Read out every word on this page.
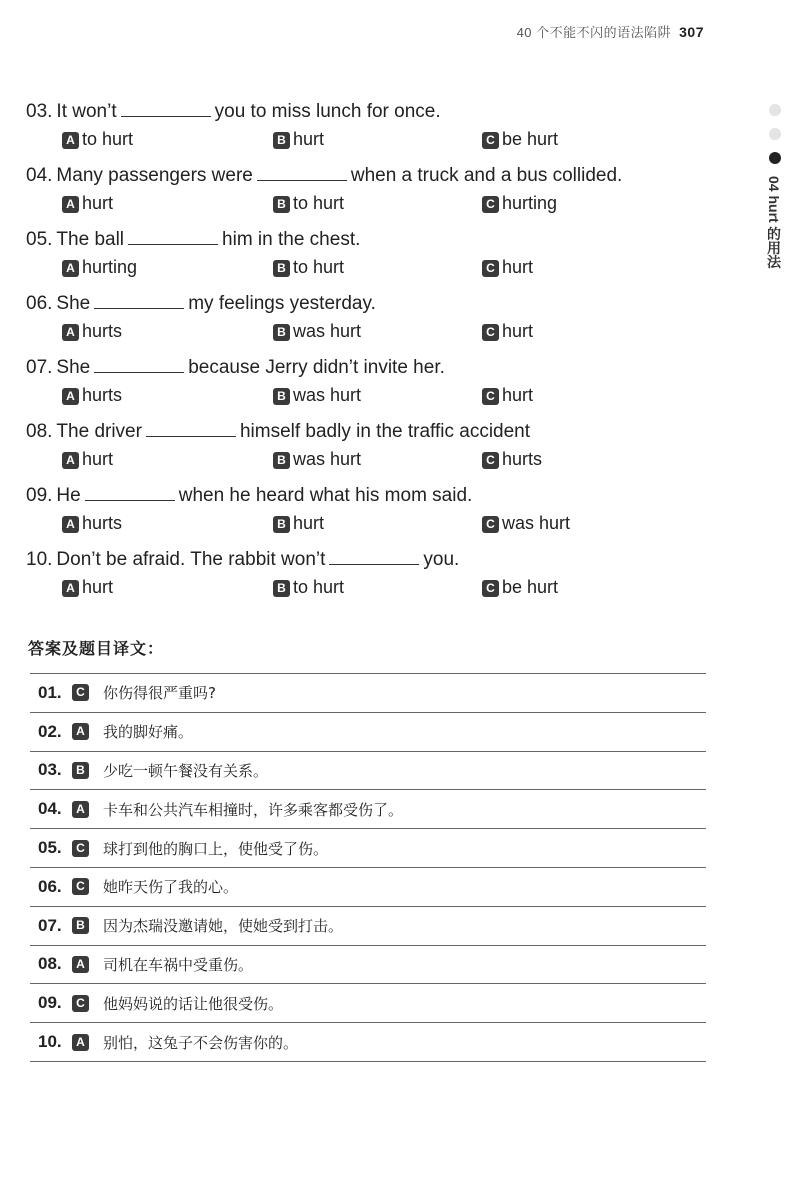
40 个不能不闪的语法陷阱 307
04 hurt 的用法
03. It won’t	you to miss lunch for once.
A to hurt	B hurt	C be hurt
04. Many passengers were	when a truck and a bus collided.
A hurt	B to hurt	C hurting
05. The ball	him in the chest.
A hurting	B to hurt	C hurt
06. She	my feelings yesterday.
A hurts	B was hurt	C hurt
07. She	because Jerry didn’t invite her.
A hurts	B was hurt	C hurt
08. The driver	himself badly in the traffic accident
A hurt	B was hurt	C hurts
09. He	when he heard what his mom said.
A hurts	B hurt	C was hurt
10. Don’t be afraid. The rabbit won’t	you.
A hurt	B to hurt	C be hurt
答案及题目译文：
01.	C 你伤得很严重吗?
02.	A 我的脚好痛。
03.	B 少吃一顿午餐没有关系。
04.	A 卡车和公共汽车相撞时，许多乘客都受伤了。
05.	C 球打到他的胸口上，使他受了伤。
06.	C 她昨天伤了我的心。
07.	B 因为杰瑞没邀请她，使她受到打击。
08.	A 司机在车祸中受重伤。
09.	C 他妈妈说的话让他很受伤。
10.	A 别怕，这兔子不会伤害你的。
